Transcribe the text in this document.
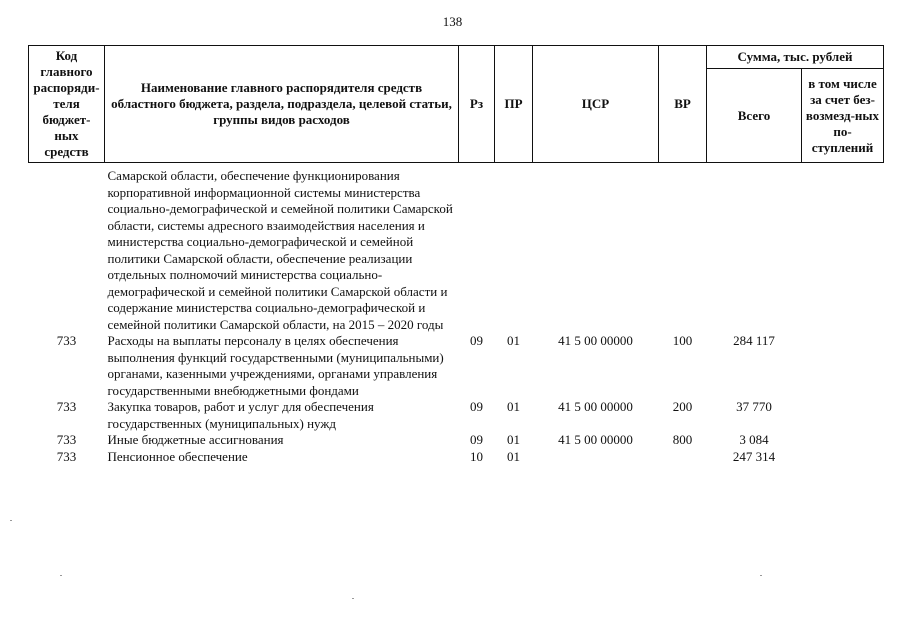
138
Код главного распоряди-теля бюджет-ных средств	Наименование главного распорядителя средств областного бюджета, раздела, подраздела, целевой статьи, группы видов расходов	Рз	ПР	ЦСР	ВР	Сумма, тыс. рублей	
						Всего	в том числе за счет без-возмезд-ных по-ступлений
	Самарской области, обеспечение функционирования корпоративной информационной системы министерства социально-демографической и семейной политики Самарской области, системы адресного взаимодействия населения и министерства социально-демографической и семейной политики Самарской области, обеспечение реализации отдельных полномочий министерства социально-демографической и семейной политики Самарской области и содержание министерства социально-демографической и семейной политики Самарской области, на 2015 – 2020 годы						
733	Расходы на выплаты персоналу в целях обеспечения выполнения функций государственными (муниципальными) органами, казенными учреждениями, органами управления государственными внебюджетными фондами	09	01	41 5 00 00000	100	284 117	
733	Закупка товаров, работ и услуг для обеспечения государственных (муниципальных) нужд	09	01	41 5 00 00000	200	37 770	
733	Иные бюджетные ассигнования	09	01	41 5 00 00000	800	3 084	
733	Пенсионное обеспечение	10	01			247 314	
